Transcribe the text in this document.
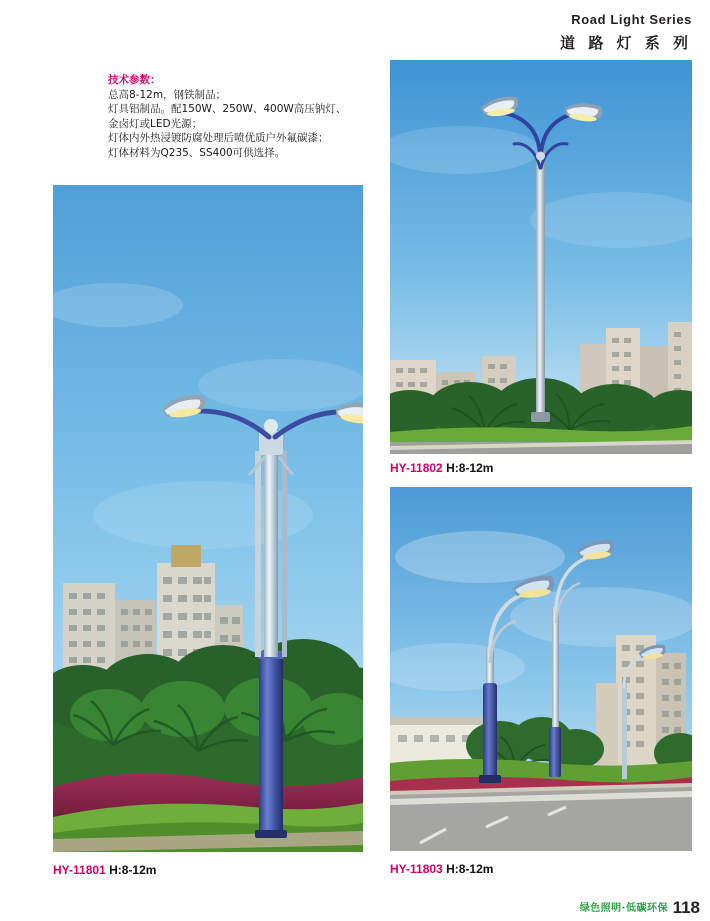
Road Light Series
道 路 灯 系 列
技术参数：
总高8-12m，钢铁制品；
灯具铝制品。配150W、250W、400W高压钠灯、
金卤灯或LED光源；
灯体内外热浸镀防腐处理后喷优质户外氟碳漆；
灯体材料为Q235、SS400可供选择。
HY-11801 H:8-12m
HY-11802 H:8-12m
HY-11803 H:8-12m
绿色照明·低碳环保 118
